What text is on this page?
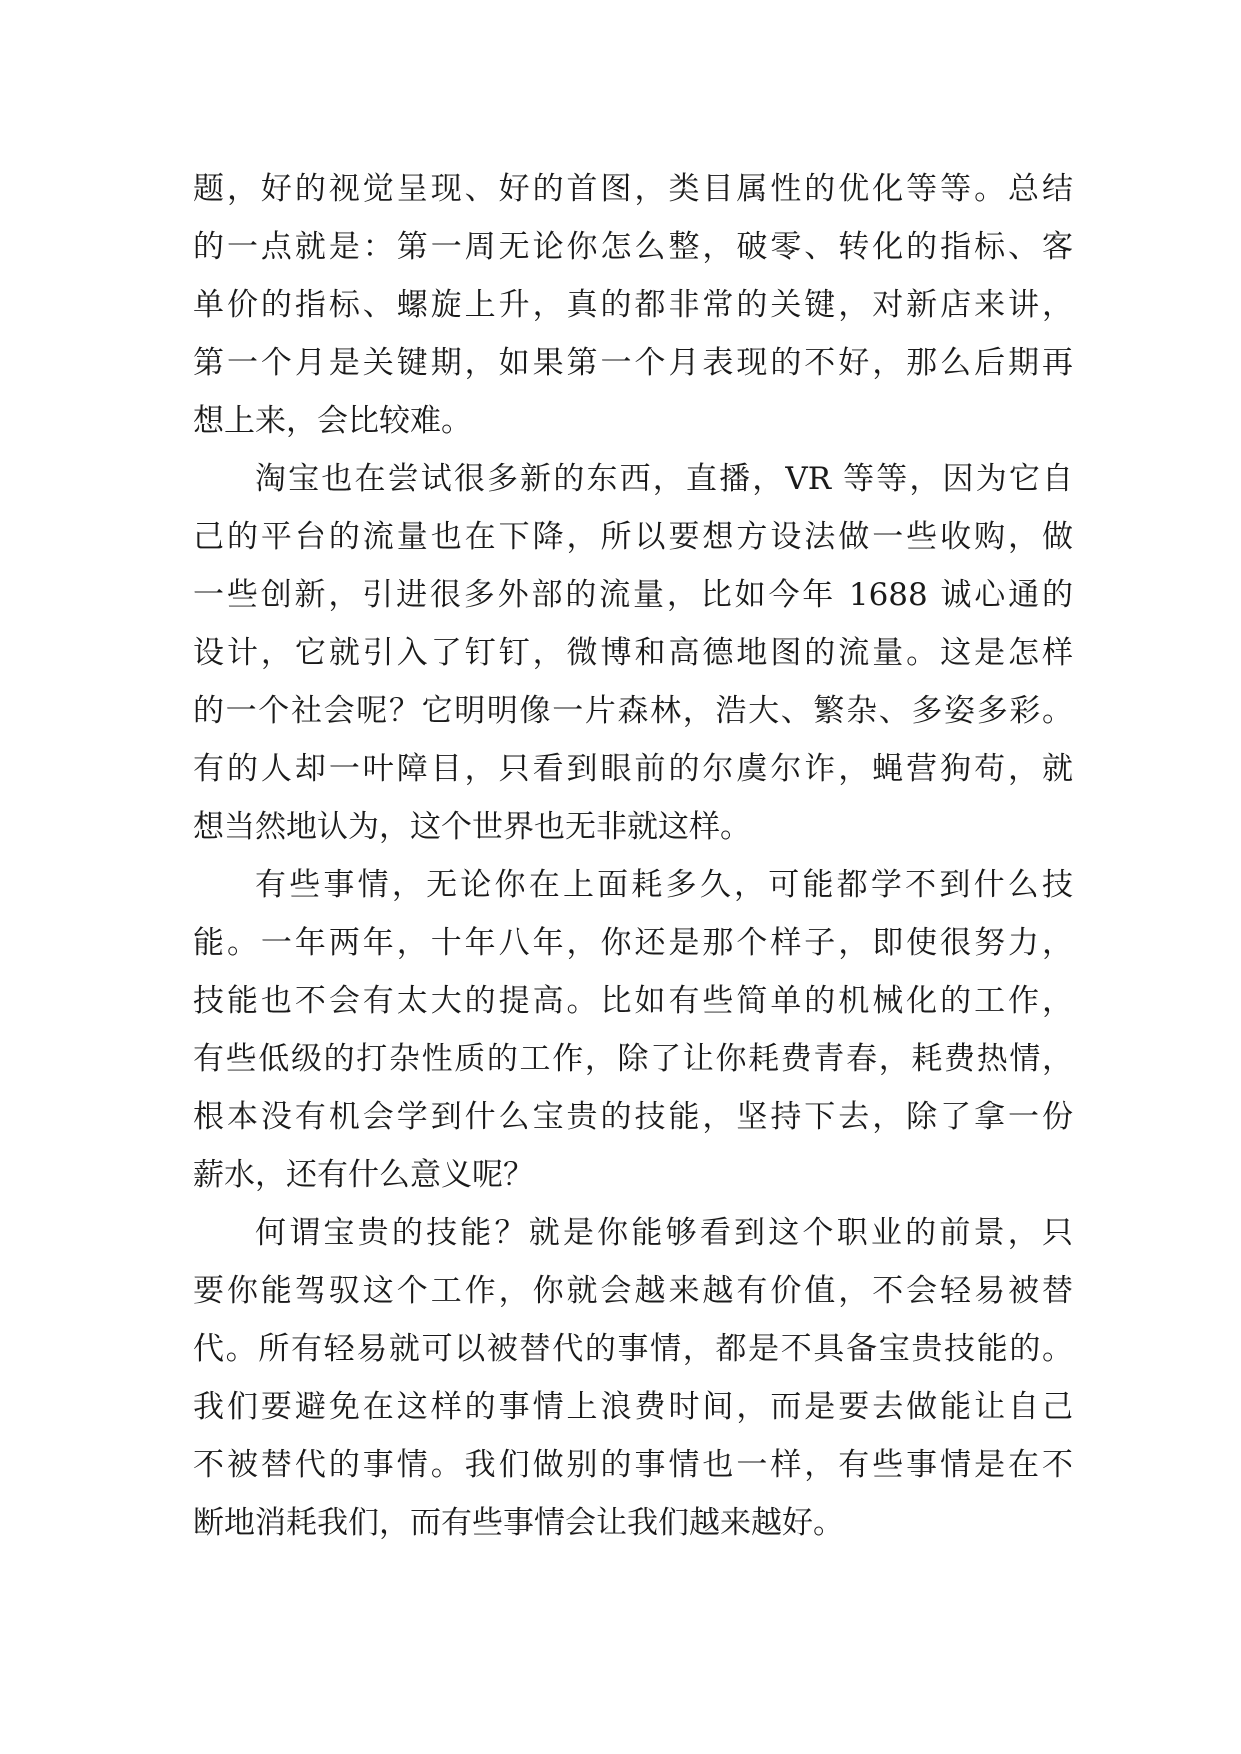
题，好的视觉呈现、好的首图，类目属性的优化等等。总结
的一点就是：第一周无论你怎么整，破零、转化的指标、客
单价的指标、螺旋上升，真的都非常的关键，对新店来讲，
第一个月是关键期，如果第一个月表现的不好，那么后期再
想上来，会比较难。
淘宝也在尝试很多新的东西，直播，VR 等等，因为它自
己的平台的流量也在下降，所以要想方设法做一些收购，做
一些创新，引进很多外部的流量，比如今年 1688 诚心通的
设计，它就引入了钉钉，微博和高德地图的流量。这是怎样
的一个社会呢？它明明像一片森林，浩大、繁杂、多姿多彩。
有的人却一叶障目，只看到眼前的尔虞尔诈，蝇营狗苟，就
想当然地认为，这个世界也无非就这样。
有些事情，无论你在上面耗多久，可能都学不到什么技
能。一年两年，十年八年，你还是那个样子，即使很努力，
技能也不会有太大的提高。比如有些简单的机械化的工作，
有些低级的打杂性质的工作，除了让你耗费青春，耗费热情，
根本没有机会学到什么宝贵的技能，坚持下去，除了拿一份
薪水，还有什么意义呢？
何谓宝贵的技能？就是你能够看到这个职业的前景，只
要你能驾驭这个工作，你就会越来越有价值，不会轻易被替
代。所有轻易就可以被替代的事情，都是不具备宝贵技能的。
我们要避免在这样的事情上浪费时间，而是要去做能让自己
不被替代的事情。我们做别的事情也一样，有些事情是在不
断地消耗我们，而有些事情会让我们越来越好。
